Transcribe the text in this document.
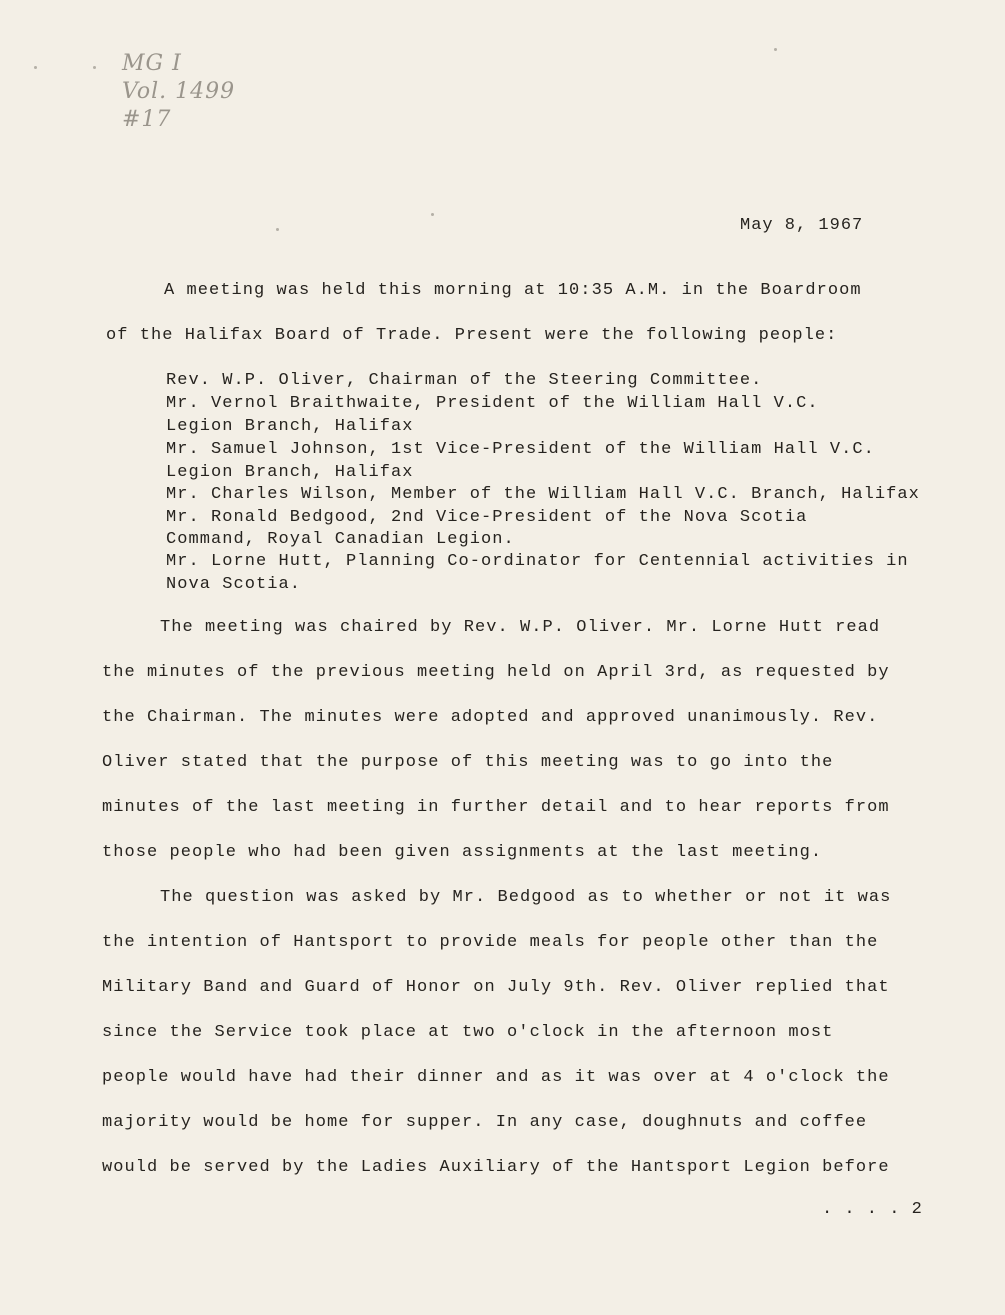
MG I
Vol. 1499
#17
May 8, 1967
A meeting was held this morning at 10:35 A.M. in the Boardroom
of the Halifax Board of Trade. Present were the following people:
Rev. W.P. Oliver, Chairman of the Steering Committee.
Mr. Vernol Braithwaite, President of the William Hall V.C.
Legion Branch, Halifax
Mr. Samuel Johnson, 1st Vice-President of the William Hall V.C.
Legion Branch, Halifax
Mr. Charles Wilson, Member of the William Hall V.C. Branch, Halifax
Mr. Ronald Bedgood, 2nd Vice-President of the Nova Scotia
Command, Royal Canadian Legion.
Mr. Lorne Hutt, Planning Co-ordinator for Centennial activities in
Nova Scotia.
The meeting was chaired by Rev. W.P. Oliver. Mr. Lorne Hutt read
the minutes of the previous meeting held on April 3rd, as requested by
the Chairman. The minutes were adopted and approved unanimously. Rev.
Oliver stated that the purpose of this meeting was to go into the
minutes of the last meeting in further detail and to hear reports from
those people who had been given assignments at the last meeting.
The question was asked by Mr. Bedgood as to whether or not it was
the intention of Hantsport to provide meals for people other than the
Military Band and Guard of Honor on July 9th. Rev. Oliver replied that
since the Service took place at two o'clock in the afternoon most
people would have had their dinner and as it was over at 4 o'clock the
majority would be home for supper. In any case, doughnuts and coffee
would be served by the Ladies Auxiliary of the Hantsport Legion before
. . . . 2
